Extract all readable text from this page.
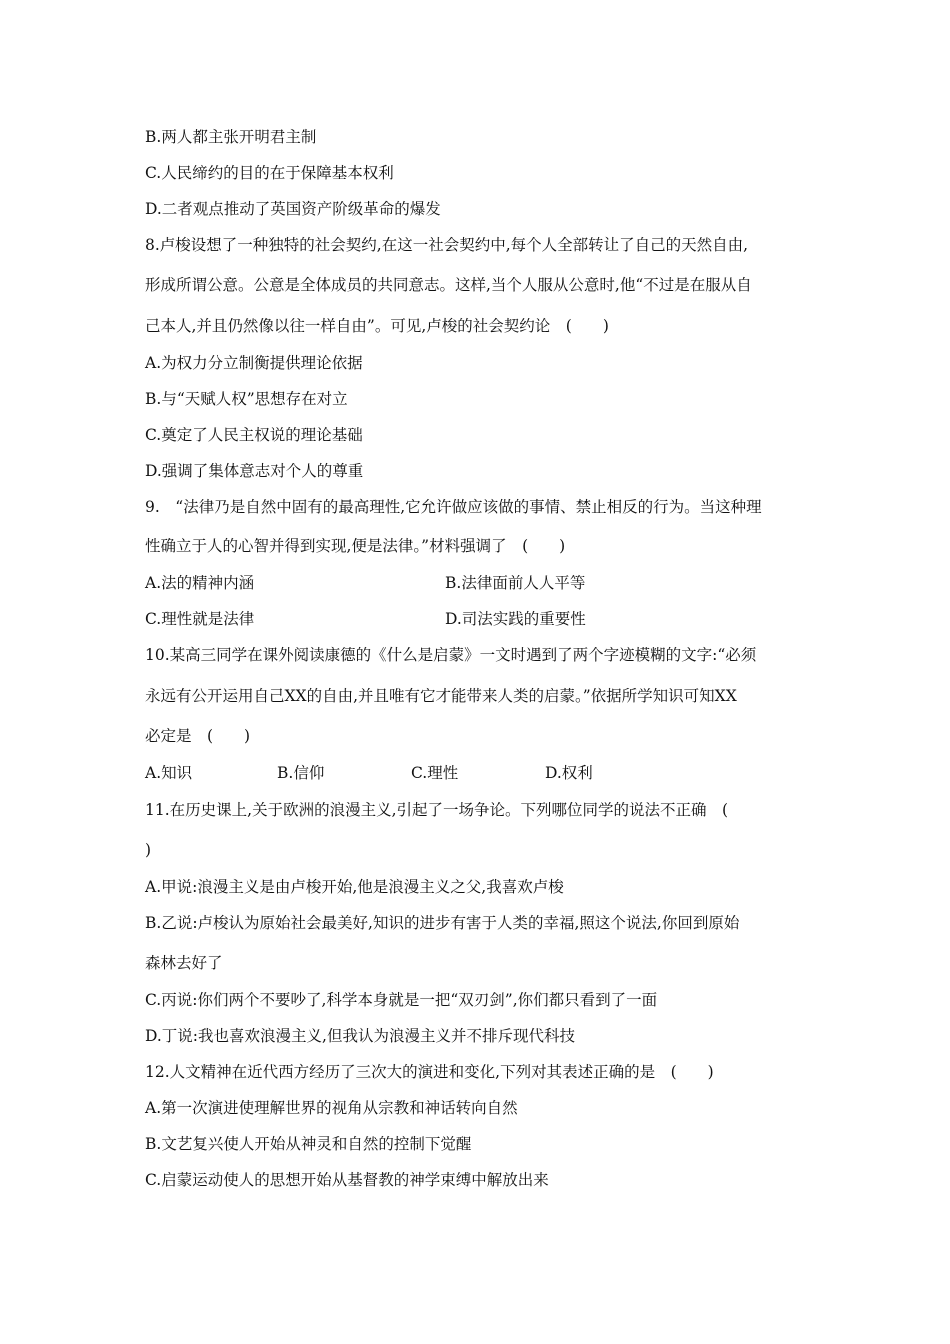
B.两人都主张开明君主制
C.人民缔约的目的在于保障基本权利
D.二者观点推动了英国资产阶级革命的爆发
8.卢梭设想了一种独特的社会契约,在这一社会契约中,每个人全部转让了自己的天然自由,
形成所谓公意。公意是全体成员的共同意志。这样,当个人服从公意时,他“不过是在服从自
己本人,并且仍然像以往一样自由”。可见,卢梭的社会契约论　(　　)
A.为权力分立制衡提供理论依据
B.与“天赋人权”思想存在对立
C.奠定了人民主权说的理论基础
D.强调了集体意志对个人的尊重
9.　“法律乃是自然中固有的最高理性,它允许做应该做的事情、禁止相反的行为。当这种理
性确立于人的心智并得到实现,便是法律。”材料强调了　(　　)
A.法的精神内涵	B.法律面前人人平等
C.理性就是法律	D.司法实践的重要性
10.某高三同学在课外阅读康德的《什么是启蒙》一文时遇到了两个字迹模糊的文字:“必须
永远有公开运用自己XX的自由,并且唯有它才能带来人类的启蒙。”依据所学知识可知XX
必定是　(　　)
A.知识	B.信仰	C.理性	D.权利
11.在历史课上,关于欧洲的浪漫主义,引起了一场争论。下列哪位同学的说法不正确　(
)
A.甲说:浪漫主义是由卢梭开始,他是浪漫主义之父,我喜欢卢梭
B.乙说:卢梭认为原始社会最美好,知识的进步有害于人类的幸福,照这个说法,你回到原始
森林去好了
C.丙说:你们两个不要吵了,科学本身就是一把“双刃剑”,你们都只看到了一面
D.丁说:我也喜欢浪漫主义,但我认为浪漫主义并不排斥现代科技
12.人文精神在近代西方经历了三次大的演进和变化,下列对其表述正确的是　(　　)
A.第一次演进使理解世界的视角从宗教和神话转向自然
B.文艺复兴使人开始从神灵和自然的控制下觉醒
C.启蒙运动使人的思想开始从基督教的神学束缚中解放出来
